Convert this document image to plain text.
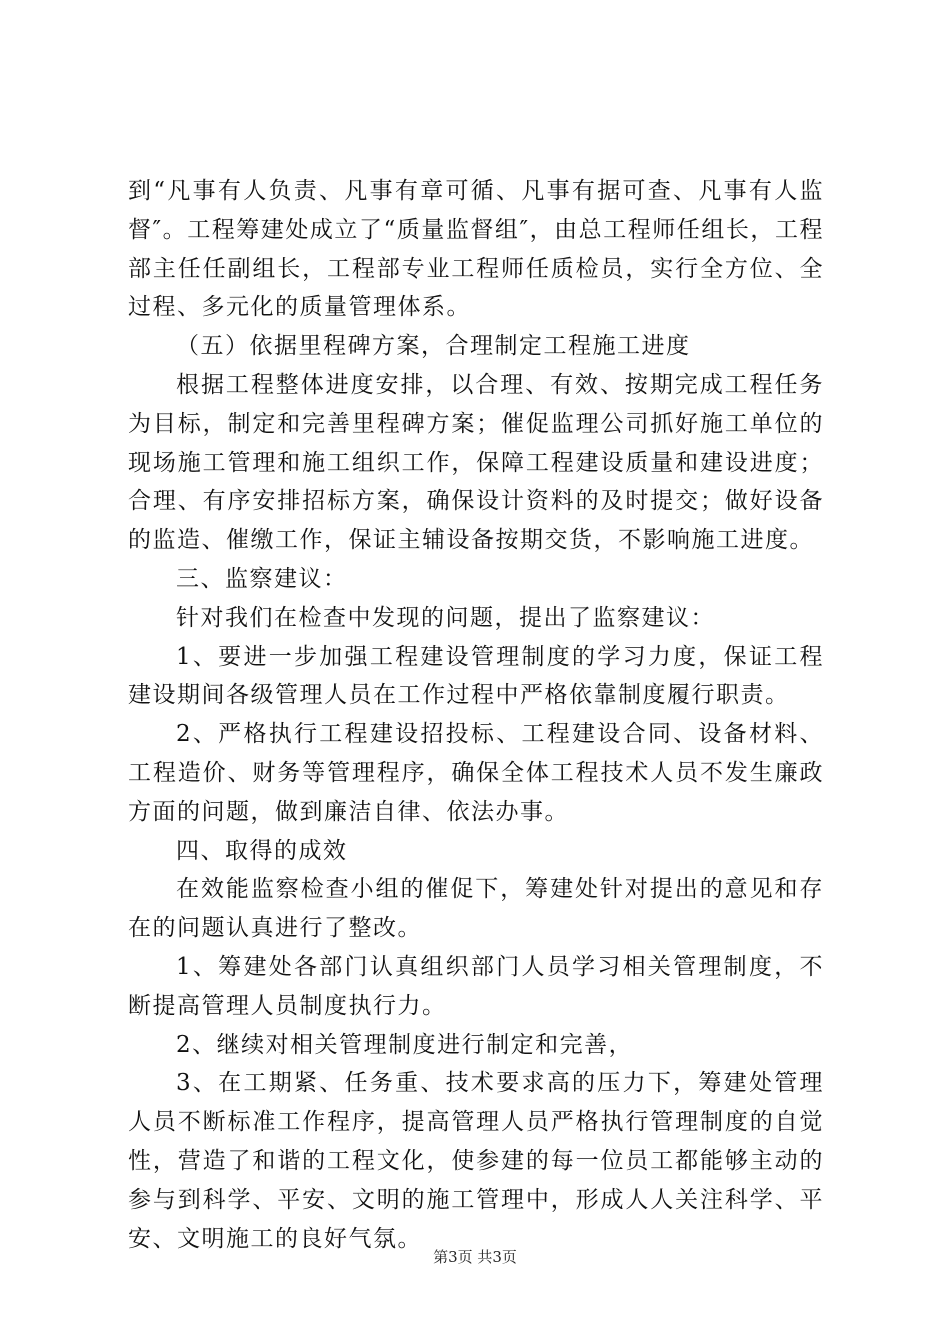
到“凡事有人负责、凡事有章可循、凡事有据可查、凡事有人监督″。工程筹建处成立了“质量监督组″，由总工程师任组长，工程部主任任副组长，工程部专业工程师任质检员，实行全方位、全过程、多元化的质量管理体系。

（五）依据里程碑方案，合理制定工程施工进度

根据工程整体进度安排，以合理、有效、按期完成工程任务为目标，制定和完善里程碑方案；催促监理公司抓好施工单位的现场施工管理和施工组织工作，保障工程建设质量和建设进度；合理、有序安排招标方案，确保设计资料的及时提交；做好设备的监造、催缴工作，保证主辅设备按期交货，不影响施工进度。

三、监察建议：

针对我们在检查中发现的问题，提出了监察建议：

1、要进一步加强工程建设管理制度的学习力度，保证工程建设期间各级管理人员在工作过程中严格依靠制度履行职责。

2、严格执行工程建设招投标、工程建设合同、设备材料、工程造价、财务等管理程序，确保全体工程技术人员不发生廉政方面的问题，做到廉洁自律、依法办事。

四、取得的成效

在效能监察检查小组的催促下，筹建处针对提出的意见和存在的问题认真进行了整改。

1、筹建处各部门认真组织部门人员学习相关管理制度，不断提高管理人员制度执行力。

2、继续对相关管理制度进行制定和完善，

3、在工期紧、任务重、技术要求高的压力下，筹建处管理人员不断标准工作程序，提高管理人员严格执行管理制度的自觉性，营造了和谐的工程文化，使参建的每一位员工都能够主动的参与到科学、平安、文明的施工管理中，形成人人关注科学、平安、文明施工的良好气氛。

第3页 共3页
